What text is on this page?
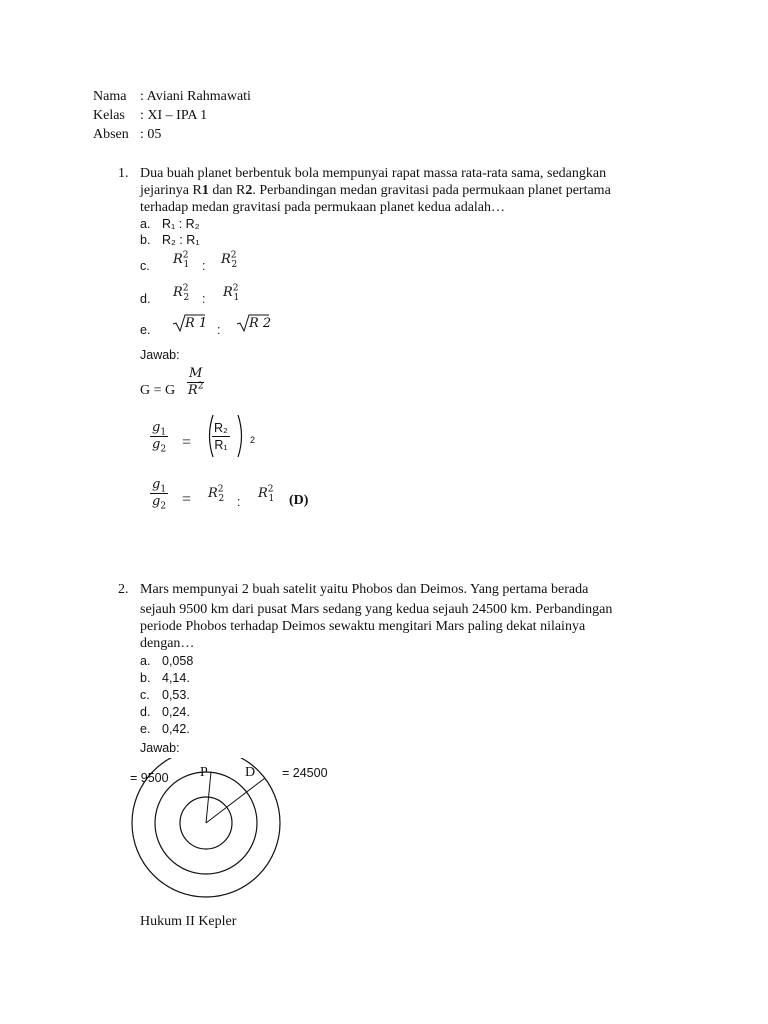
Nama : Aviani Rahmawati
Kelas : XI – IPA 1
Absen : 05
1. Dua buah planet berbentuk bola mempunyai rapat massa rata-rata sama, sedangkan
jejarinya R1 dan R2. Perbandingan medan gravitasi pada permukaan planet pertama
terhadap medan gravitasi pada permukaan planet kedua adalah…
a. R₁ : R₂
b. R₂ : R₁
c. $R^2_1$ : $R^2_2$
d. $R^2_2$ : $R^2_1$
e.	R 1 : R 2
Jawab:
G = G $\frac{M}{R^2}$
$\frac{g_1}{g_2} = \frac{\text{R₂}}{\text{R₁}} 2$
$\frac{g_1}{g_2} = R^2_2$ :
$R^2_1$ (D)
2. Mars mempunyai 2 buah satelit yaitu Phobos dan Deimos. Yang pertama berada
sejauh 9500 km dari pusat Mars sedang yang kedua sejauh 24500 km. Perbandingan
periode Phobos terhadap Deimos sewaktu mengitari Mars paling dekat nilainya
dengan…
a. 0,058
b. 4,14.
c. 0,53.
d. 0,24.
e. 0,42.
Jawab:
= 9500 P	D = 24500
Hukum II Kepler
